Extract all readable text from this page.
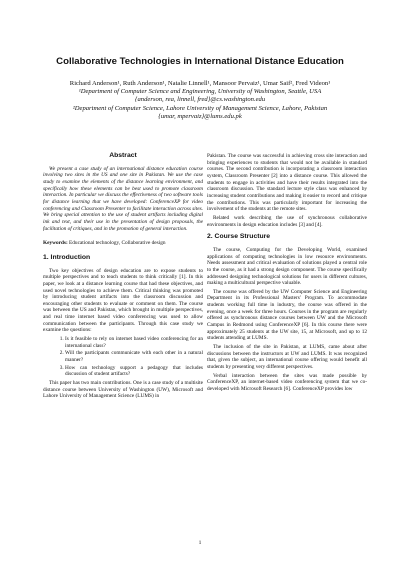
Collaborative Technologies in International Distance Education
Richard Anderson¹, Ruth Anderson¹, Natalie Linnell¹, Mansoor Pervaiz¹, Umar Saif², Fred Videon¹
¹Department of Computer Science and Engineering, University of Washington, Seattle, USA
{anderson, rea, linnell, fred}@cs.washington.edu
²Department of Computer Science, Lahore University of Management Science, Lahore, Pakistan
{umar, mpervaiz}@lums.edu.pk
Abstract
We present a case study of an international distance education course involving two sites in the US and one site in Pakistan. We use the case study to examine the elements of the distance learning environment, and specifically how these elements can be best used to promote classroom interaction. In particular we discuss the effectiveness of two software tools for distance learning that we have developed: ConferenceXP for video conferencing and Classroom Presenter to facilitate interaction across sites. We bring special attention to the use of student artifacts including digital ink and text, and their use in the presentation of design proposals, the facilitation of critiques, and in the promotion of general interaction.
Keywords: Educational technology, Collaborative design
1. Introduction
Two key objectives of design education are to expose students to multiple perspectives and to teach students to think critically [1]. In this paper, we look at a distance learning course that had these objectives, and used novel technologies to achieve them. Critical thinking was promoted by introducing student artifacts into the classroom discussion and encouraging other students to evaluate or comment on them. The course was between the US and Pakistan, which brought in multiple perspectives, and real time internet based video conferencing was used to allow communication between the participants. Through this case study we examine the questions:
1. Is it feasible to rely on internet based video conferencing for an international class?
2. Will the participants communicate with each other in a natural manner?
3. How can technology support a pedagogy that includes discussion of student artifacts?
This paper has two main contributions. One is a case study of a multisite distance course between University of Washington (UW), Microsoft and Lahore University of Management Science (LUMS) in
Pakistan. The course was successful in achieving cross site interaction and bringing experiences to students that would not be available in standard courses. The second contribution is incorporating a classroom interaction system, Classroom Presenter [2] into a distance course. This allowed the students to engage in activities and have their results integrated into the classroom discussion. The standard lecture style class was enhanced by increasing student contributions and making it easier to record and critique the contributions. This was particularly important for increasing the involvement of the students at the remote sites.
Related work describing the use of synchronous collaborative environments in design education includes [3] and [4].
2. Course Structure
The course, Computing for the Developing World, examined applications of computing technologies in low resource environments. Needs assessment and critical evaluation of solutions played a central role to the course, as it had a strong design component. The course specifically addressed designing technological solutions for users in different cultures, making a multicultural perspective valuable.
The course was offered by the UW Computer Science and Engineering Department in its Professional Masters' Program. To accommodate students working full time in industry, the course was offered in the evening, once a week for three hours. Courses in the program are regularly offered as synchronous distance courses between UW and the Microsoft Campus in Redmond using ConferenceXP [6]. In this course there were approximately 25 students at the UW site, 15, at Microsoft, and up to 12 students attending at LUMS.
The inclusion of the site in Pakistan, at LUMS, came about after discussions between the instructors at UW and LUMS. It was recognized that, given the subject, an international course offering would benefit all students by presenting very different perspectives.
Verbal interaction between the sites was made possible by ConferenceXP, an internet-based video conferencing system that we co-developed with Microsoft Research [6]. ConferenceXP provides low
1
